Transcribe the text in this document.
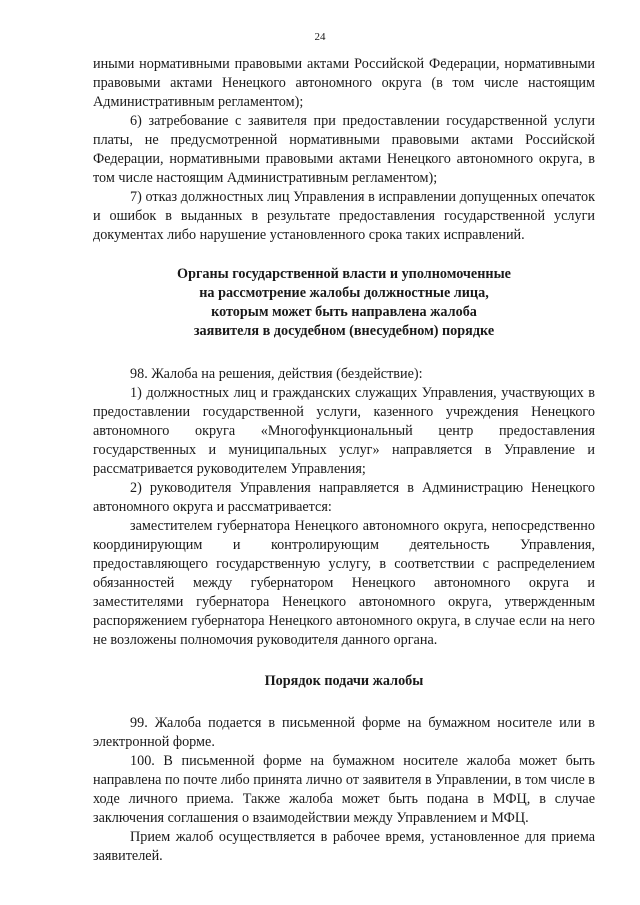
24

иными нормативными правовыми актами Российской Федерации, нормативными правовыми актами Ненецкого автономного округа (в том числе настоящим Административным регламентом);

6) затребование с заявителя при предоставлении государственной услуги платы, не предусмотренной нормативными правовыми актами Российской Федерации, нормативными правовыми актами Ненецкого автономного округа, в том числе настоящим Административным регламентом);

7) отказ должностных лиц Управления в исправлении допущенных опечаток и ошибок в выданных в результате предоставления государственной услуги документах либо нарушение установленного срока таких исправлений.

Органы государственной власти и уполномоченные
на рассмотрение жалобы должностные лица,
которым может быть направлена жалоба
заявителя в досудебном (внесудебном) порядке

98. Жалоба на решения, действия (бездействие):

1) должностных лиц и гражданских служащих Управления, участвующих в предоставлении государственной услуги, казенного учреждения Ненецкого автономного округа «Многофункциональный центр предоставления государственных и муниципальных услуг» направляется в Управление и рассматривается руководителем Управления;

2) руководителя Управления направляется в Администрацию Ненецкого автономного округа и рассматривается:

заместителем губернатора Ненецкого автономного округа, непосредственно координирующим и контролирующим деятельность Управления, предоставляющего государственную услугу, в соответствии с распределением обязанностей между губернатором Ненецкого автономного округа и заместителями губернатора Ненецкого автономного округа, утвержденным распоряжением губернатора Ненецкого автономного округа, в случае если на него не возложены полномочия руководителя данного органа.

Порядок подачи жалобы

99. Жалоба подается в письменной форме на бумажном носителе или в электронной форме.

100. В письменной форме на бумажном носителе жалоба может быть направлена по почте либо принята лично от заявителя в Управлении, в том числе в ходе личного приема. Также жалоба может быть подана в МФЦ, в случае заключения соглашения о взаимодействии между Управлением и МФЦ.

Прием жалоб осуществляется в рабочее время, установленное для приема заявителей.
